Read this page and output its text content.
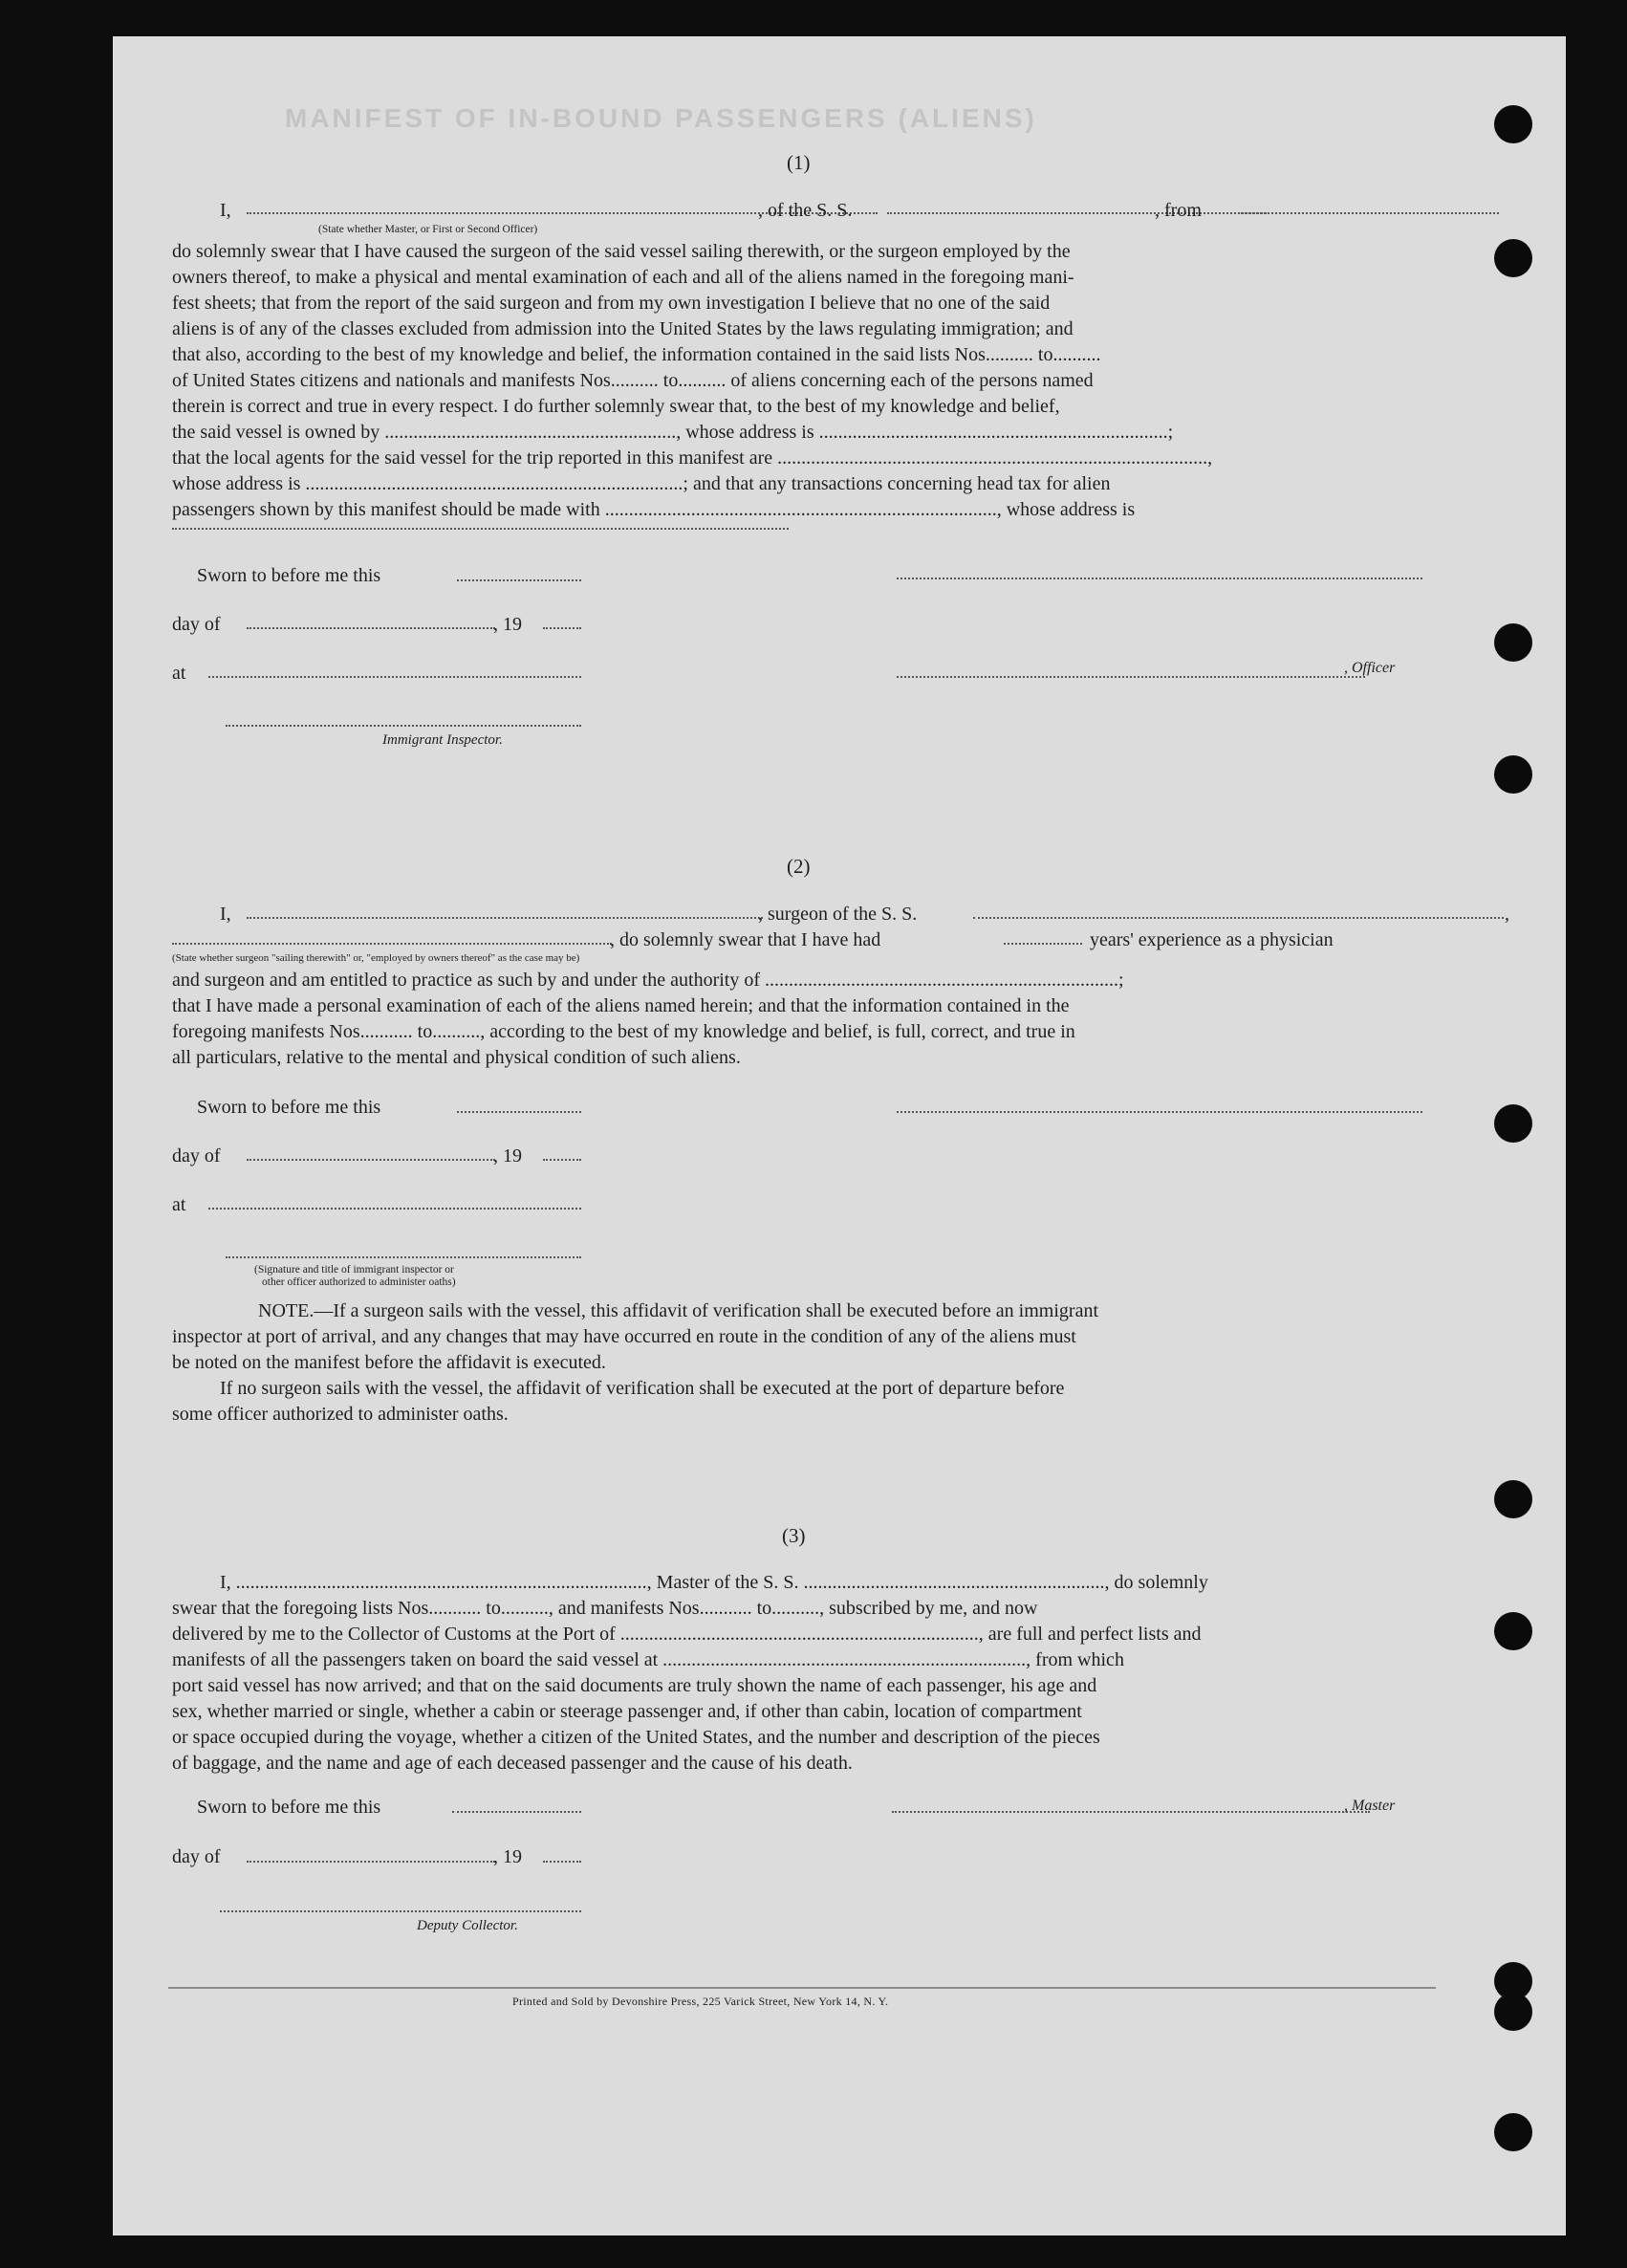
MANIFEST OF IN-BOUND PASSENGERS (ALIENS)
(1)
I,	, of the S. S.	, from
(State whether Master, or First or Second Officer)
do solemnly swear that I have caused the surgeon of the said vessel sailing therewith, or the surgeon employed by the
owners thereof, to make a physical and mental examination of each and all of the aliens named in the foregoing mani-
fest sheets; that from the report of the said surgeon and from my own investigation I believe that no one of the said
aliens is of any of the classes excluded from admission into the United States by the laws regulating immigration; and
that also, according to the best of my knowledge and belief, the information contained in the said lists Nos.......... to..........
of United States citizens and nationals and manifests Nos.......... to.......... of aliens concerning each of the persons named
therein is correct and true in every respect. I do further solemnly swear that, to the best of my knowledge and belief,
the said vessel is owned by ............................................................., whose address is .........................................................................;
that the local agents for the said vessel for the trip reported in this manifest are ..........................................................................................,
whose address is ...............................................................................; and that any transactions concerning head tax for alien
passengers shown by this manifest should be made with .................................................................................., whose address is
Sworn to before me this
day of	, 19
at	, Officer
Immigrant Inspector.
(2)
I,	, surgeon of the S. S.	,
, do solemnly swear that I have had	years' experience as a physician
(State whether surgeon "sailing therewith" or, "employed by owners thereof" as the case may be)
and surgeon and am entitled to practice as such by and under the authority of ..........................................................................;
that I have made a personal examination of each of the aliens named herein; and that the information contained in the
foregoing manifests Nos........... to.........., according to the best of my knowledge and belief, is full, correct, and true in
all particulars, relative to the mental and physical condition of such aliens.
Sworn to before me this
day of	, 19
at
(Signature and title of immigrant inspector or
other officer authorized to administer oaths)
NOTE.—If a surgeon sails with the vessel, this affidavit of verification shall be executed before an immigrant
inspector at port of arrival, and any changes that may have occurred en route in the condition of any of the aliens must
be noted on the manifest before the affidavit is executed.
If no surgeon sails with the vessel, the affidavit of verification shall be executed at the port of departure before
some officer authorized to administer oaths.
(3)
I, ......................................................................................, Master of the S. S. ..............................................................., do solemnly
swear that the foregoing lists Nos........... to.........., and manifests Nos........... to.........., subscribed by me, and now
delivered by me to the Collector of Customs at the Port of ..........................................................................., are full and perfect lists and
manifests of all the passengers taken on board the said vessel at ............................................................................, from which
port said vessel has now arrived; and that on the said documents are truly shown the name of each passenger, his age and
sex, whether married or single, whether a cabin or steerage passenger and, if other than cabin, location of compartment
or space occupied during the voyage, whether a citizen of the United States, and the number and description of the pieces
of baggage, and the name and age of each deceased passenger and the cause of his death.
Sworn to before me this	, Master
day of	, 19
Deputy Collector.
Printed and Sold by Devonshire Press, 225 Varick Street, New York 14, N. Y.
